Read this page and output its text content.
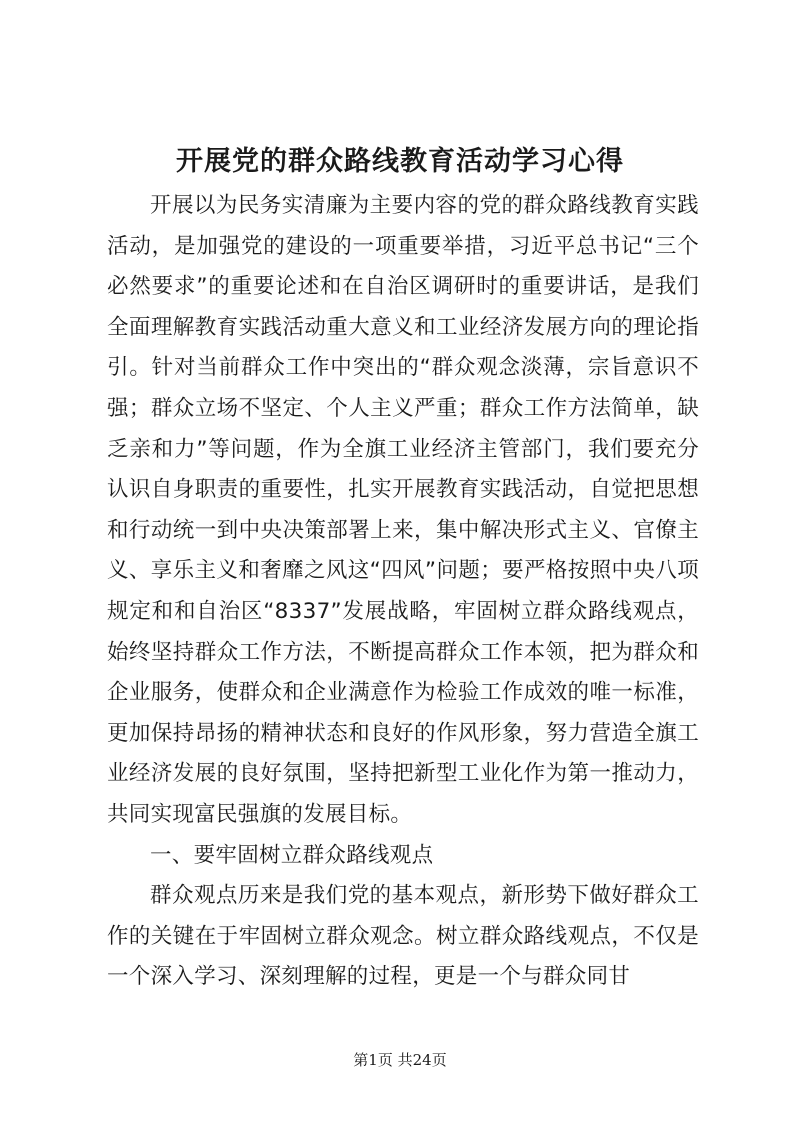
开展党的群众路线教育活动学习心得

开展以为民务实清廉为主要内容的党的群众路线教育实践活动，是加强党的建设的一项重要举措，习近平总书记“三个必然要求”的重要论述和在自治区调研时的重要讲话，是我们全面理解教育实践活动重大意义和工业经济发展方向的理论指引。针对当前群众工作中突出的“群众观念淡薄，宗旨意识不强；群众立场不坚定、个人主义严重；群众工作方法简单，缺乏亲和力”等问题，作为全旗工业经济主管部门，我们要充分认识自身职责的重要性，扎实开展教育实践活动，自觉把思想和行动统一到中央决策部署上来，集中解决形式主义、官僚主义、享乐主义和奢靡之风这“四风”问题；要严格按照中央八项规定和和自治区“8337”发展战略，牢固树立群众路线观点，始终坚持群众工作方法，不断提高群众工作本领，把为群众和企业服务，使群众和企业满意作为检验工作成效的唯一标准，更加保持昂扬的精神状态和良好的作风形象，努力营造全旗工业经济发展的良好氛围，坚持把新型工业化作为第一推动力，共同实现富民强旗的发展目标。

一、要牢固树立群众路线观点

群众观点历来是我们党的基本观点，新形势下做好群众工作的关键在于牢固树立群众观念。树立群众路线观点，不仅是一个深入学习、深刻理解的过程，更是一个与群众同甘

第1页 共24页
